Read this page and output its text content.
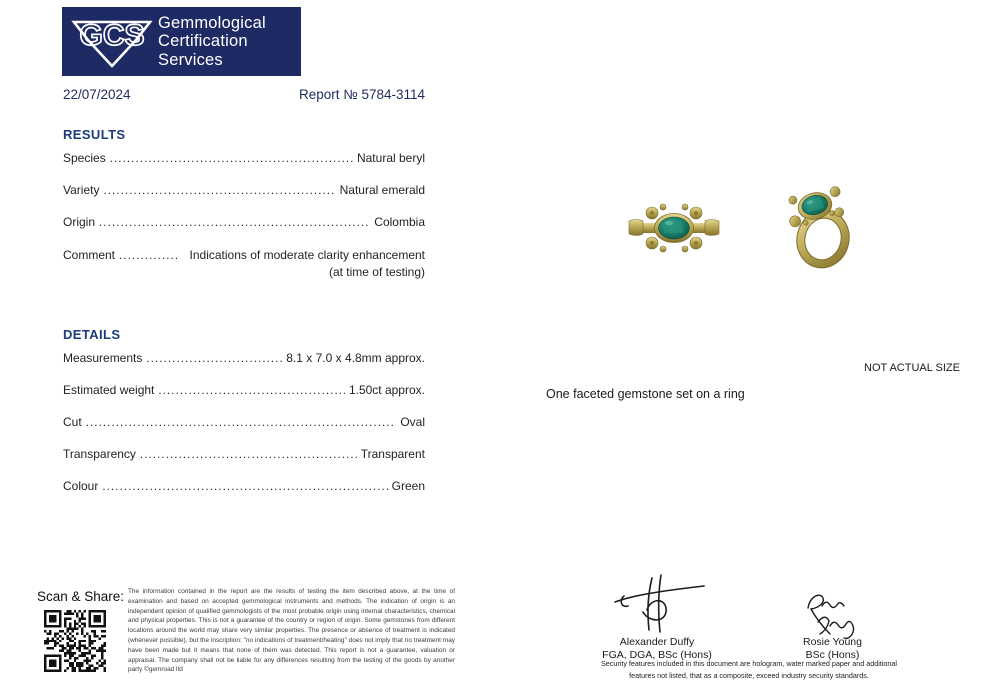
GCS Gemmological
Certification
Services
22/07/2024	Report № 5784-3114
RESULTS
Species .....	Natural beryl
Variety .....	Natural emerald
Origin .....	Colombia
Comment .....	Indications of moderate clarity enhancement
(at time of testing)
DETAILS
Measurements .....	8.1 x 7.0 x 4.8mm approx.
Estimated weight .....	1.50ct approx.
Cut .....	Oval
Transparency .....	Transparent
Colour .....	Green
NOT ACTUAL SIZE
One faceted gemstone set on a ring
Scan & Share: The information contained in the report are the results of testing the item described above, at the time of examination and based on accepted gemmological instruments and methods. The indication of origin is an independent opinion of qualified gemmologists of the most probable origin using internal characteristics, chemical and physical properties. This is not a guarantee of the country or region of origin. Some gemstones from different locations around the world may share very similar properties. The presence or absence of treatment is indicated (whenever possible), but the inscription: "no indications of treatment/heating" does not imply that no treatment may have been made but it means that none of them was detected. This report is not a guarantee, valuation or appraisal. The company shall not be liable for any differences resulting from the testing of the goods by another party ©gemroad ltd
Alexander Duffy
FGA, DGA, BSc (Hons)
Rosie Young
BSc (Hons)
Security features included in this document are hologram, water marked paper and additional
features not listed, that as a composite, exceed industry security standards.
